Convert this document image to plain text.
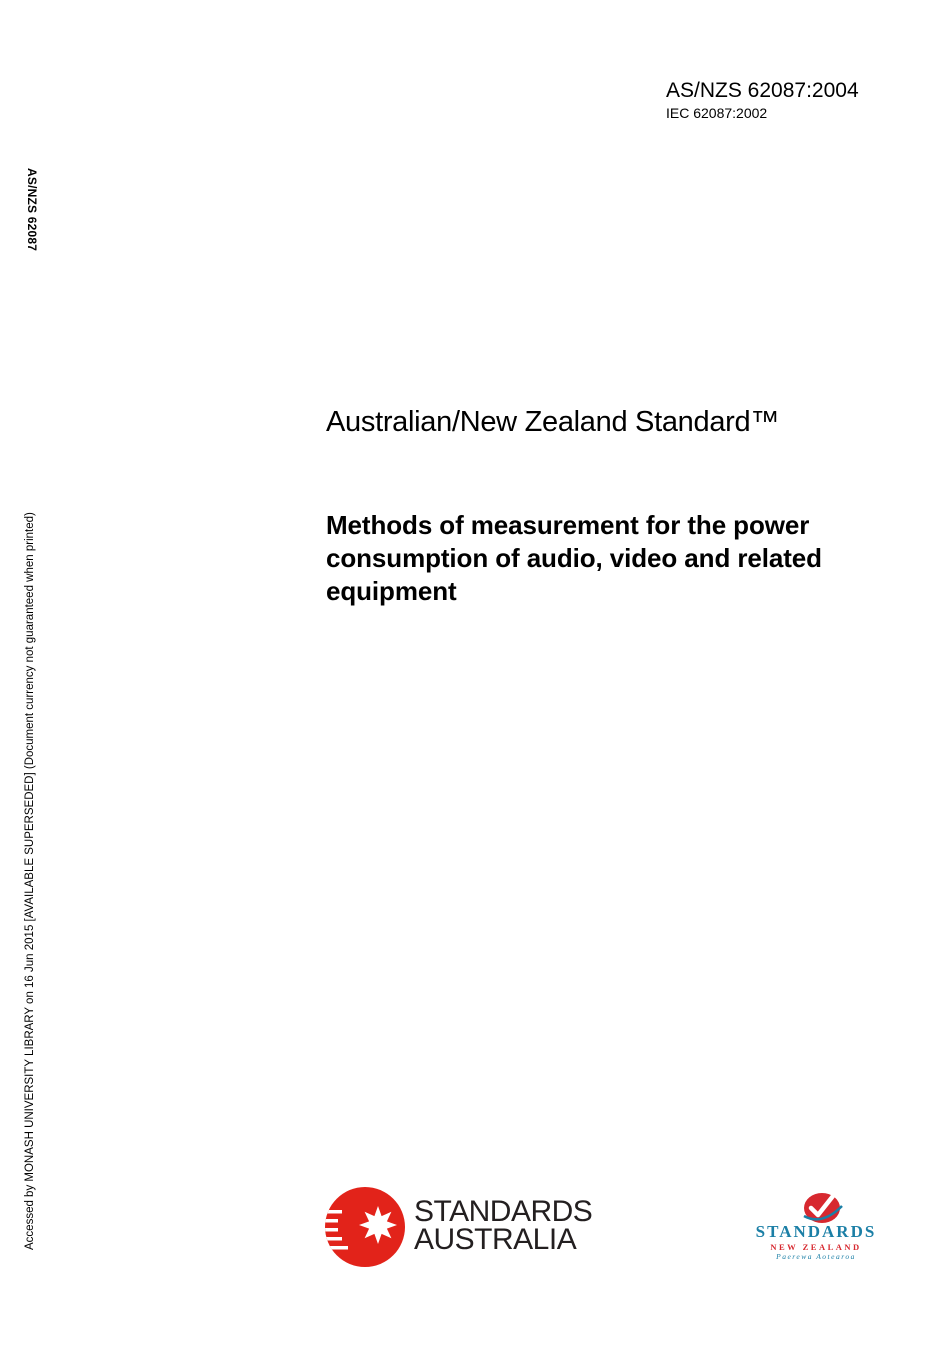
AS/NZS 62087:2004
IEC 62087:2002
AS/NZS 62087
Accessed by MONASH UNIVERSITY LIBRARY on 16 Jun 2015 [AVAILABLE SUPERSEDED] (Document currency not guaranteed when printed)
Australian/New Zealand Standard™
Methods of measurement for the power consumption of audio, video and related equipment
STANDARDS
AUSTRALIA	STANDARDS
NEW ZEALAND
Paerewa Aotearoa
